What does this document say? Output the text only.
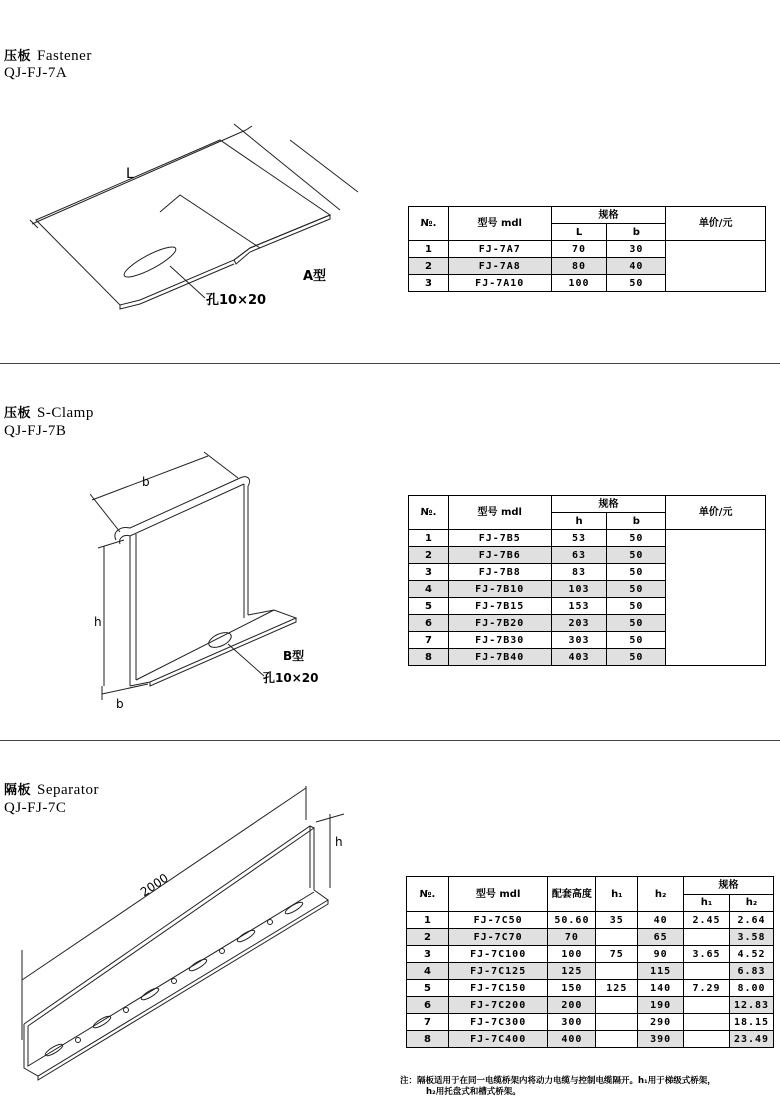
压板 Fastener
QJ-FJ-7A
L
A型
孔10×20
№.	型号 mdl	规格		单价/元
		L	b	
1	FJ-7A7	70	30	
2	FJ-7A8	80	40	
3	FJ-7A10	100	50	
压板 S-Clamp
QJ-FJ-7B
b
h
b
B型
孔10×20
№.	型号 mdl	规格		单价/元
		h	b	
1	FJ-7B5	53	50	
2	FJ-7B6	63	50	
3	FJ-7B8	83	50	
4	FJ-7B10	103	50	
5	FJ-7B15	153	50	
6	FJ-7B20	203	50	
7	FJ-7B30	303	50	
8	FJ-7B40	403	50	
隔板 Separator
QJ-FJ-7C
2000
h
№.	型号 mdl	配套高度	h₁	h₂	规格	
					h₁	h₂
1	FJ-7C50	50.60	35	40	2.45	2.64
2	FJ-7C70	70		65		3.58
3	FJ-7C100	100	75	90	3.65	4.52
4	FJ-7C125	125		115		6.83
5	FJ-7C150	150	125	140	7.29	8.00
6	FJ-7C200	200		190		12.83
7	FJ-7C300	300		290		18.15
8	FJ-7C400	400		390		23.49
注：隔板适用于在同一电缆桥架内将动力电缆与控制电缆隔开。h₁用于梯级式桥架，
h₂用托盘式和槽式桥架。
